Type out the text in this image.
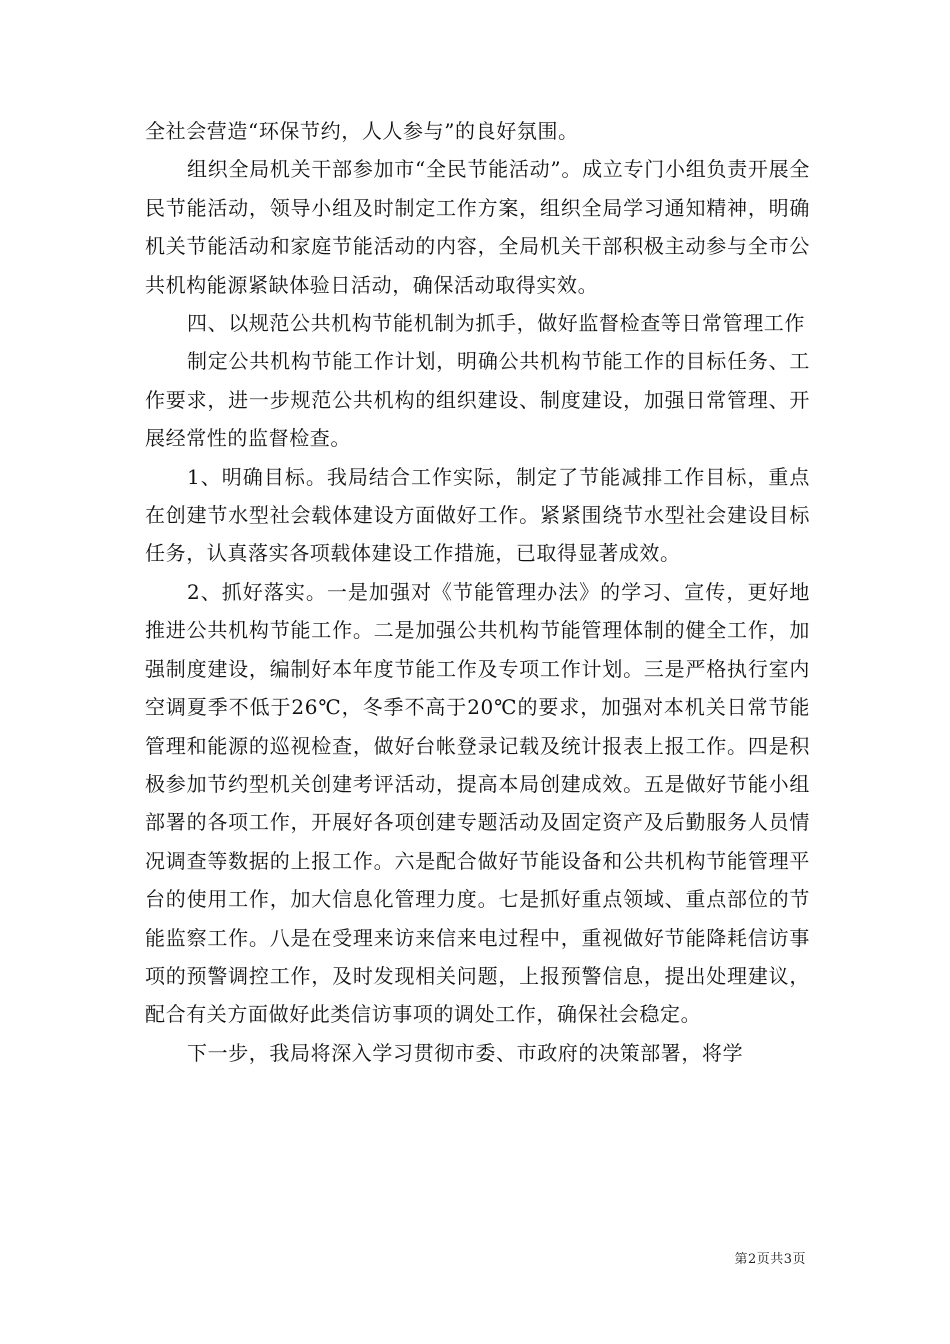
全社会营造“环保节约，人人参与”的良好氛围。

组织全局机关干部参加市“全民节能活动”。成立专门小组负责开展全民节能活动，领导小组及时制定工作方案，组织全局学习通知精神，明确机关节能活动和家庭节能活动的内容，全局机关干部积极主动参与全市公共机构能源紧缺体验日活动，确保活动取得实效。

四、以规范公共机构节能机制为抓手，做好监督检查等日常管理工作

制定公共机构节能工作计划，明确公共机构节能工作的目标任务、工作要求，进一步规范公共机构的组织建设、制度建设，加强日常管理、开展经常性的监督检查。

1、明确目标。我局结合工作实际，制定了节能减排工作目标，重点在创建节水型社会载体建设方面做好工作。紧紧围绕节水型社会建设目标任务，认真落实各项载体建设工作措施，已取得显著成效。

2、抓好落实。一是加强对《节能管理办法》的学习、宣传，更好地推进公共机构节能工作。二是加强公共机构节能管理体制的健全工作，加强制度建设，编制好本年度节能工作及专项工作计划。三是严格执行室内空调夏季不低于26℃，冬季不高于20℃的要求，加强对本机关日常节能管理和能源的巡视检查，做好台帐登录记载及统计报表上报工作。四是积极参加节约型机关创建考评活动，提高本局创建成效。五是做好节能小组部署的各项工作，开展好各项创建专题活动及固定资产及后勤服务人员情况调查等数据的上报工作。六是配合做好节能设备和公共机构节能管理平台的使用工作，加大信息化管理力度。七是抓好重点领域、重点部位的节能监察工作。八是在受理来访来信来电过程中，重视做好节能降耗信访事项的预警调控工作，及时发现相关问题，上报预警信息，提出处理建议，配合有关方面做好此类信访事项的调处工作，确保社会稳定。

下一步，我局将深入学习贯彻市委、市政府的决策部署，将学

第2页共3页
